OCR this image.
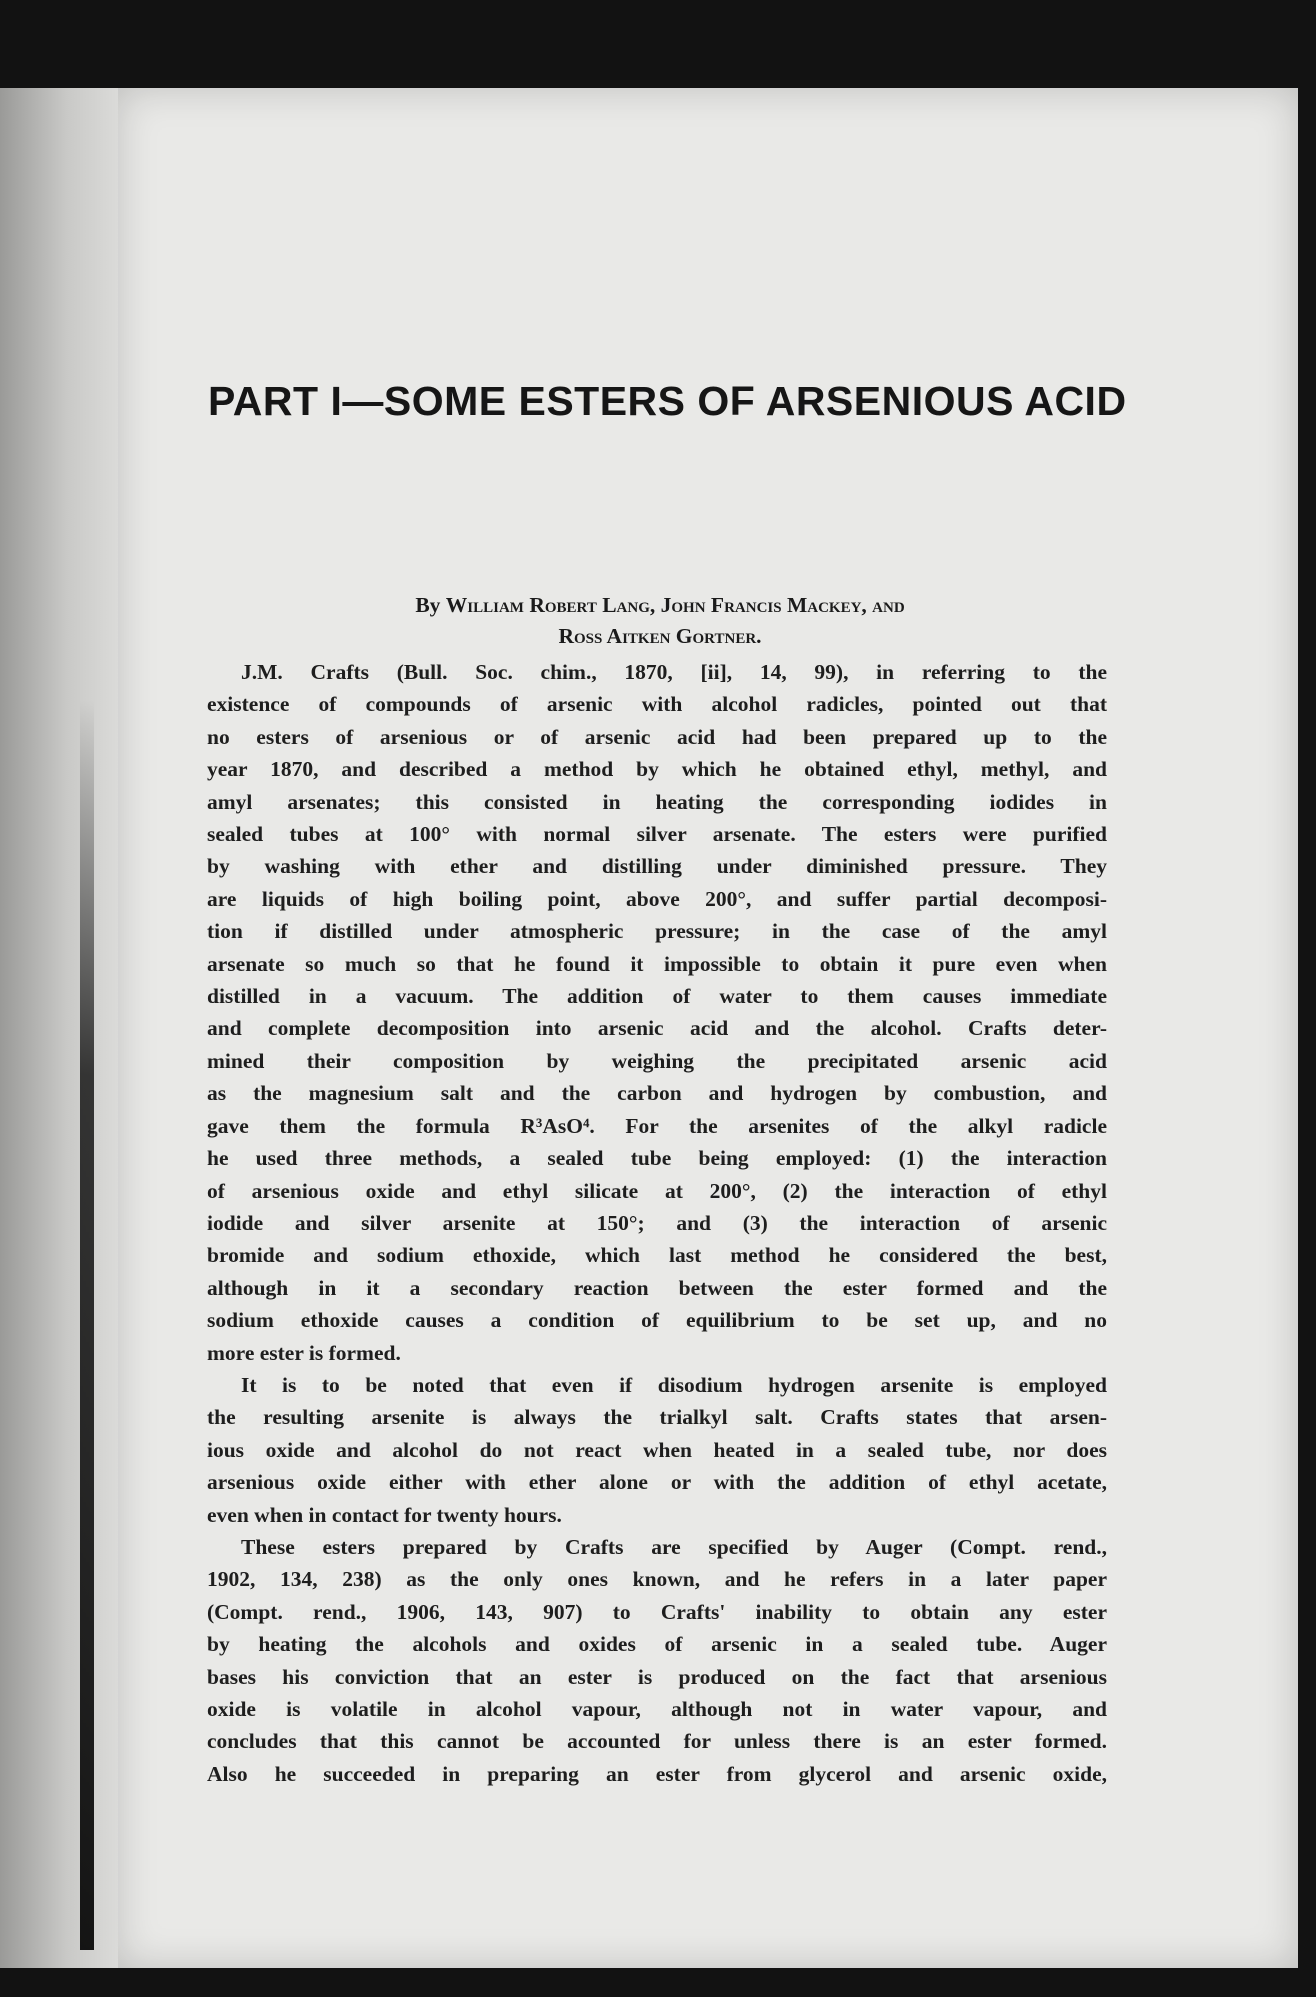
PART I—SOME ESTERS OF ARSENIOUS ACID
By William Robert Lang, John Francis Mackey, and
Ross Aitken Gortner.
J.M. Crafts (Bull. Soc. chim., 1870, [ii], 14, 99), in referring to the
existence of compounds of arsenic with alcohol radicles, pointed out that
no esters of arsenious or of arsenic acid had been prepared up to the
year 1870, and described a method by which he obtained ethyl, methyl, and
amyl arsenates; this consisted in heating the corresponding iodides in
sealed tubes at 100° with normal silver arsenate. The esters were purified
by washing with ether and distilling under diminished pressure. They
are liquids of high boiling point, above 200°, and suffer partial decomposi-
tion if distilled under atmospheric pressure; in the case of the amyl
arsenate so much so that he found it impossible to obtain it pure even when
distilled in a vacuum. The addition of water to them causes immediate
and complete decomposition into arsenic acid and the alcohol. Crafts deter-
mined their composition by weighing the precipitated arsenic acid
as the magnesium salt and the carbon and hydrogen by combustion, and
gave them the formula R³AsO⁴. For the arsenites of the alkyl radicle
he used three methods, a sealed tube being employed: (1) the interaction
of arsenious oxide and ethyl silicate at 200°, (2) the interaction of ethyl
iodide and silver arsenite at 150°; and (3) the interaction of arsenic
bromide and sodium ethoxide, which last method he considered the best,
although in it a secondary reaction between the ester formed and the
sodium ethoxide causes a condition of equilibrium to be set up, and no
more ester is formed.
It is to be noted that even if disodium hydrogen arsenite is employed
the resulting arsenite is always the trialkyl salt. Crafts states that arsen-
ious oxide and alcohol do not react when heated in a sealed tube, nor does
arsenious oxide either with ether alone or with the addition of ethyl acetate,
even when in contact for twenty hours.
These esters prepared by Crafts are specified by Auger (Compt. rend.,
1902, 134, 238) as the only ones known, and he refers in a later paper
(Compt. rend., 1906, 143, 907) to Crafts' inability to obtain any ester
by heating the alcohols and oxides of arsenic in a sealed tube. Auger
bases his conviction that an ester is produced on the fact that arsenious
oxide is volatile in alcohol vapour, although not in water vapour, and
concludes that this cannot be accounted for unless there is an ester formed.
Also he succeeded in preparing an ester from glycerol and arsenic oxide,
